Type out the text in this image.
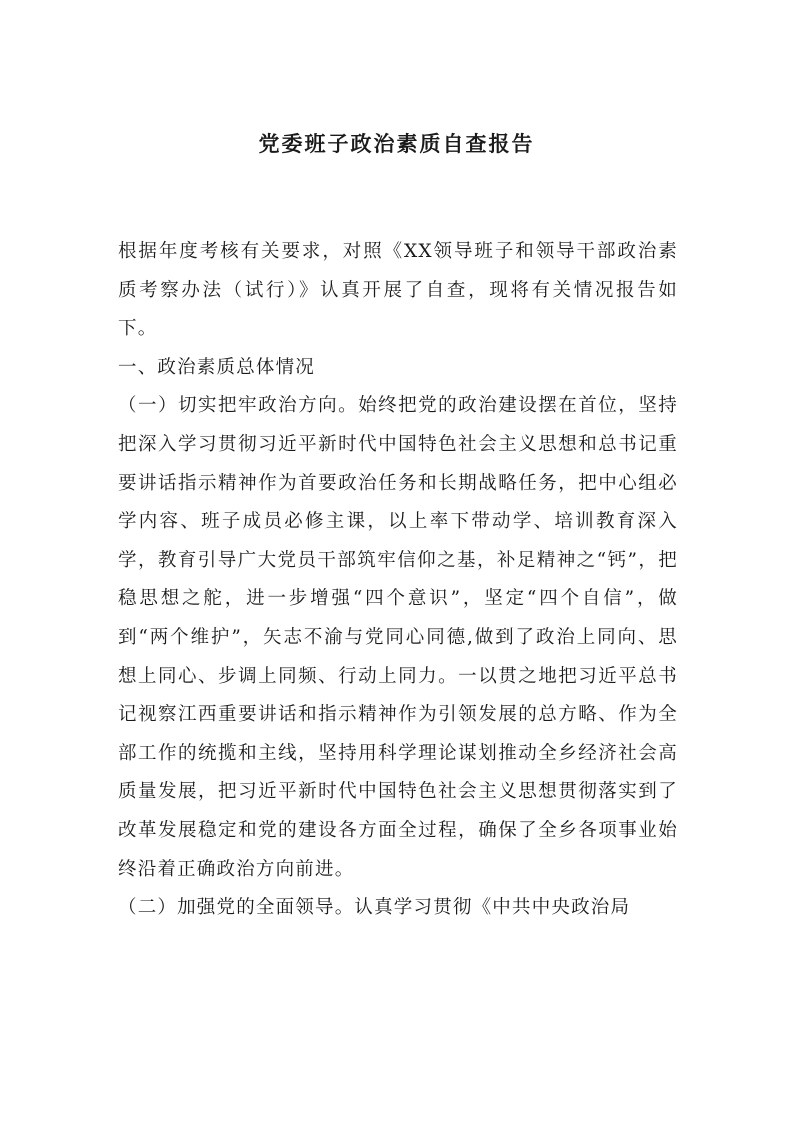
党委班子政治素质自查报告

根据年度考核有关要求，对照《XX领导班子和领导干部政治素质考察办法（试行）》认真开展了自查，现将有关情况报告如下。

一、政治素质总体情况

（一）切实把牢政治方向。始终把党的政治建设摆在首位，坚持把深入学习贯彻习近平新时代中国特色社会主义思想和总书记重要讲话指示精神作为首要政治任务和长期战略任务，把中心组必学内容、班子成员必修主课，以上率下带动学、培训教育深入学，教育引导广大党员干部筑牢信仰之基，补足精神之“钙”，把稳思想之舵，进一步增强“四个意识”，坚定“四个自信”，做到“两个维护”，矢志不渝与党同心同德,做到了政治上同向、思想上同心、步调上同频、行动上同力。一以贯之地把习近平总书记视察江西重要讲话和指示精神作为引领发展的总方略、作为全部工作的统揽和主线，坚持用科学理论谋划推动全乡经济社会高质量发展，把习近平新时代中国特色社会主义思想贯彻落实到了改革发展稳定和党的建设各方面全过程，确保了全乡各项事业始终沿着正确政治方向前进。

（二）加强党的全面领导。认真学习贯彻《中共中央政治局
